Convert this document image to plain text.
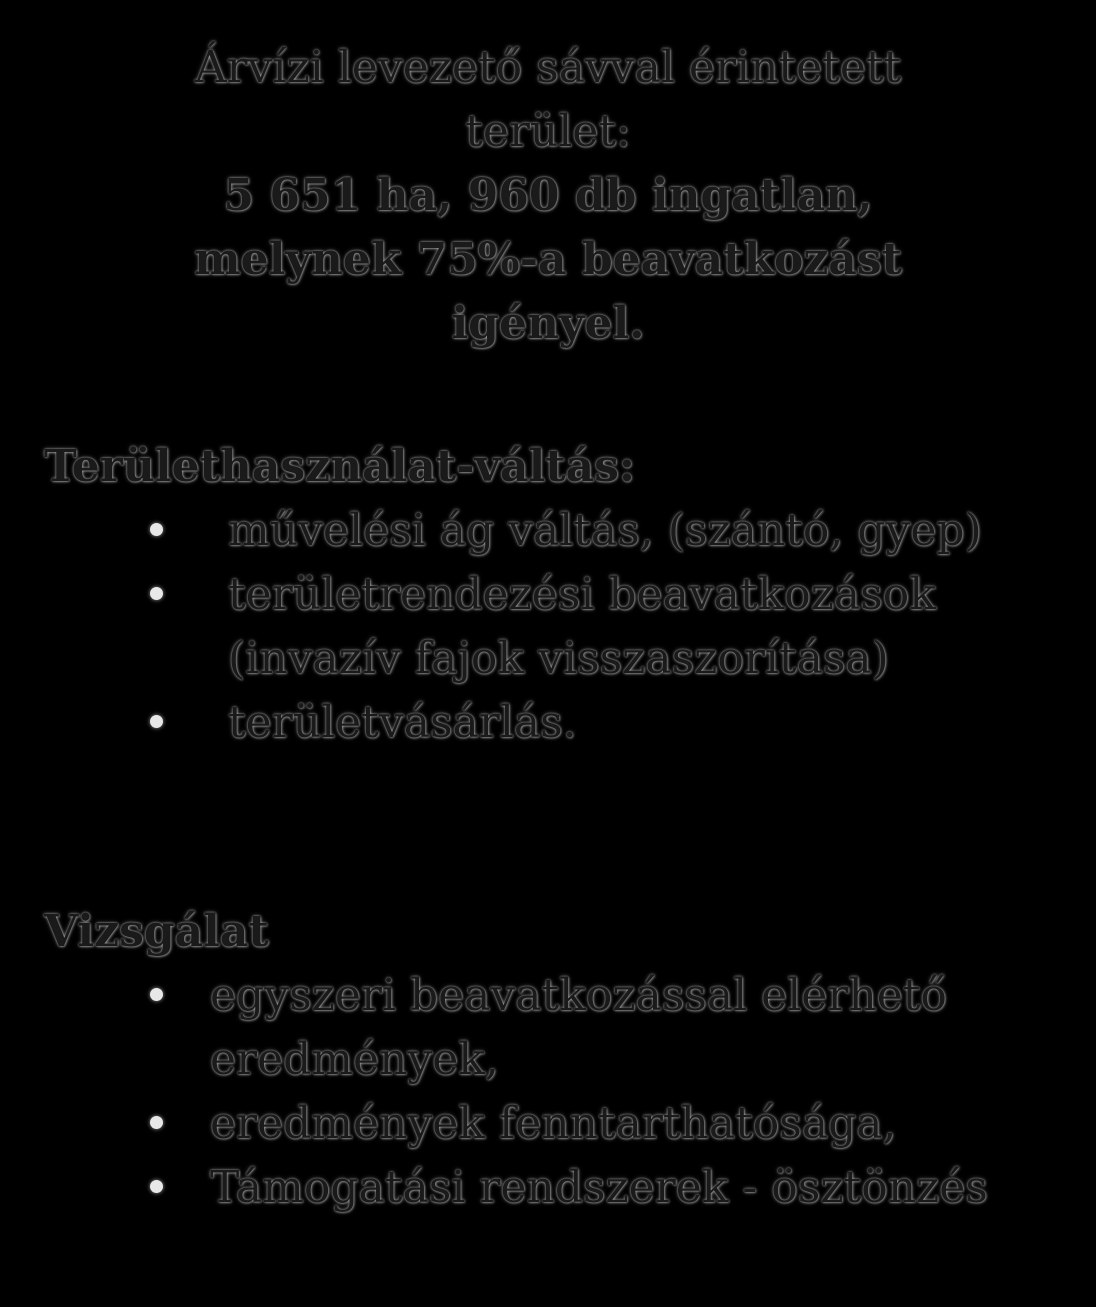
Árvízi levezető sávval érintetett
terület:
5 651 ha, 960 db ingatlan,
melynek 75%-a beavatkozást
igényel.
Területhasználat-váltás:
művelési ág váltás, (szántó, gyep)
területrendezési beavatkozások (invazív fajok visszaszorítása)
területvásárlás.
Vizsgálat
egyszeri beavatkozással elérhető eredmények,
eredmények fenntarthatósága,
Támogatási rendszerek - ösztönzés
